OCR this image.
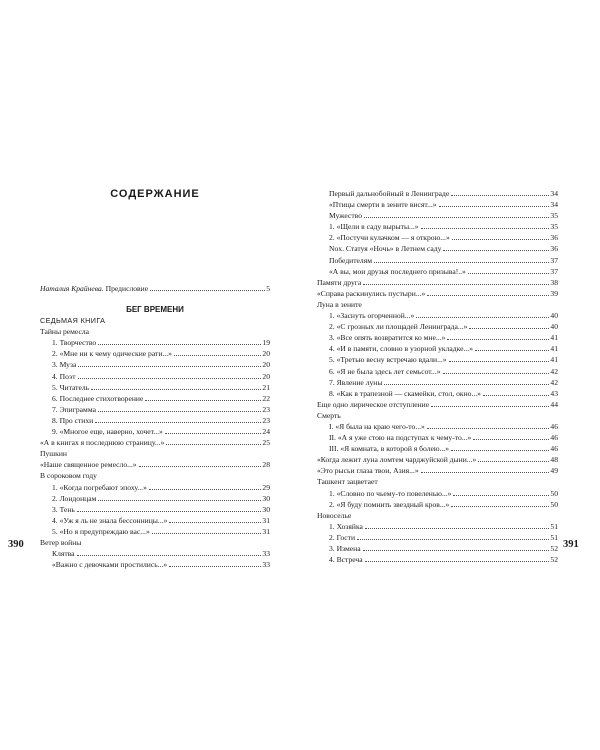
СОДЕРЖАНИЕ
Наталия Крайнева. Предисловие	5
БЕГ ВРЕМЕНИ
СЕДЬМАЯ КНИГА
Тайны ремесла
1. Творчество	19
2. «Мне ни к чему одические рати...»	20
3. Муза	20
4. Поэт	20
5. Читатель	21
6. Последнее стихотворение	22
7. Эпиграмма	23
8. Про стихи	23
9. «Многое еще, наверно, хочет...»	24
«А в книгах я последнюю страницу...»	25
Пушкин
«Наше священное ремесло...»	28
В сороковом году
1. «Когда погребают эпоху...»	29
2. Лондонцам	30
3. Тень	30
4. «Уж я ль не знала бессонницы...»	31
5. «Но я предупреждаю вас...»	31
Ветер войны
Клятва	33
«Важно с девочками простились...»	33
390
Первый дальнобойный в Ленинграде	34
«Птицы смерти в зените висят...»	34
Мужество	35
1. «Щели в саду вырыты...»	35
2. «Постучи кулачком — я открою...»	36
Nox. Статуя «Ночь» в Летнем саду	36
Победителям	37
«А вы, мои друзья последнего призыва!..»	37
Памяти друга	38
«Справа раскинулись пустыри...»	39
Луна в зените
1. «Заснуть огорченной...»	40
2. «С грозных ли площадей Ленинграда...»	40
3. «Все опять возвратится ко мне...»	41
4. «И в памяти, словно в узорной укладке...»	41
5. «Третью весну встречаю вдали...»	41
6. «Я не была здесь лет семьсот...»	42
7. Явление луны	42
8. «Как в трапезной — скамейки, стол, окно...»	43
Еще одно лирическое отступление	44
Смерть
I. «Я была на краю чего-то...»	46
II. «А я уже стою на подступах к чему-то...»	46
III. «Я комната, в которой я болею...»	46
«Когда лежит луна ломтем чарджуйской дыни...»	48
«Это рысьи глаза твои, Азия...»	49
Ташкент зацветает
1. «Словно по чьему-то повеленью...»	50
2. «Я буду помнить звездный кров...»	50
Новоселье
1. Хозяйка	51
2. Гости	51
3. Измена	52
4. Встреча	52
391
